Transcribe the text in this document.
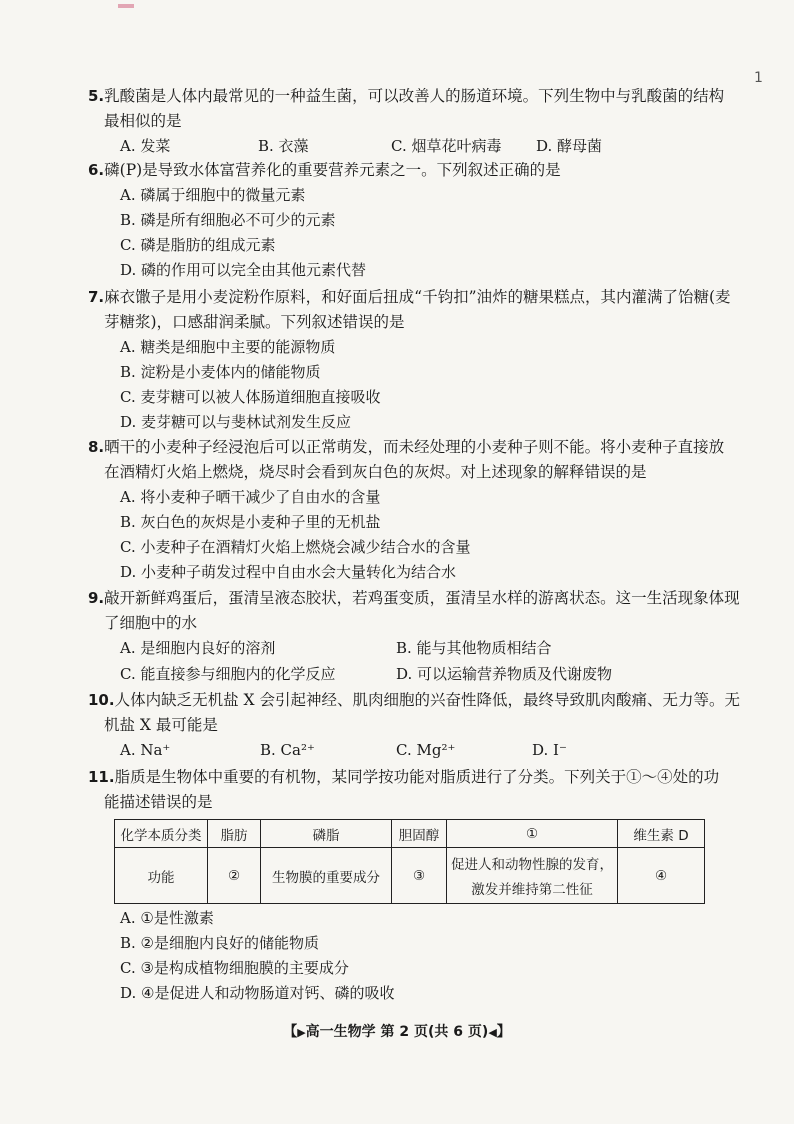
1
5.乳酸菌是人体内最常见的一种益生菌，可以改善人的肠道环境。下列生物中与乳酸菌的结构
最相似的是
A. 发菜	B. 衣藻	C. 烟草花叶病毒 D. 酵母菌
6.磷(P)是导致水体富营养化的重要营养元素之一。下列叙述正确的是
A. 磷属于细胞中的微量元素
B. 磷是所有细胞必不可少的元素
C. 磷是脂肪的组成元素
D. 磷的作用可以完全由其他元素代替
7.麻衣馓子是用小麦淀粉作原料，和好面后扭成“千钧扣”油炸的糖果糕点，其内灌满了饴糖(麦
芽糖浆)，口感甜润柔腻。下列叙述错误的是
A. 糖类是细胞中主要的能源物质
B. 淀粉是小麦体内的储能物质
C. 麦芽糖可以被人体肠道细胞直接吸收
D. 麦芽糖可以与斐林试剂发生反应
8.晒干的小麦种子经浸泡后可以正常萌发，而未经处理的小麦种子则不能。将小麦种子直接放
在酒精灯火焰上燃烧，烧尽时会看到灰白色的灰烬。对上述现象的解释错误的是
A. 将小麦种子晒干减少了自由水的含量
B. 灰白色的灰烬是小麦种子里的无机盐
C. 小麦种子在酒精灯火焰上燃烧会减少结合水的含量
D. 小麦种子萌发过程中自由水会大量转化为结合水
9.敲开新鲜鸡蛋后，蛋清呈液态胶状，若鸡蛋变质，蛋清呈水样的游离状态。这一生活现象体现
了细胞中的水
A. 是细胞内良好的溶剂	B. 能与其他物质相结合
C. 能直接参与细胞内的化学反应	D. 可以运输营养物质及代谢废物
10.人体内缺乏无机盐 X 会引起神经、肌肉细胞的兴奋性降低，最终导致肌肉酸痛、无力等。无
机盐 X 最可能是
A. Na⁺	B. Ca²⁺	C. Mg²⁺	D. I⁻
11.脂质是生物体中重要的有机物，某同学按功能对脂质进行了分类。下列关于①～④处的功
能描述错误的是
化学本质分类	脂肪	磷脂	胆固醇	①	维生素 D
功能	②	生物膜的重要成分	③	促进人和动物性腺的发育，
激发并维持第二性征	④
A. ①是性激素
B. ②是细胞内良好的储能物质
C. ③是构成植物细胞膜的主要成分
D. ④是促进人和动物肠道对钙、磷的吸收
【▶高一生物学 第 2 页(共 6 页)◀】
